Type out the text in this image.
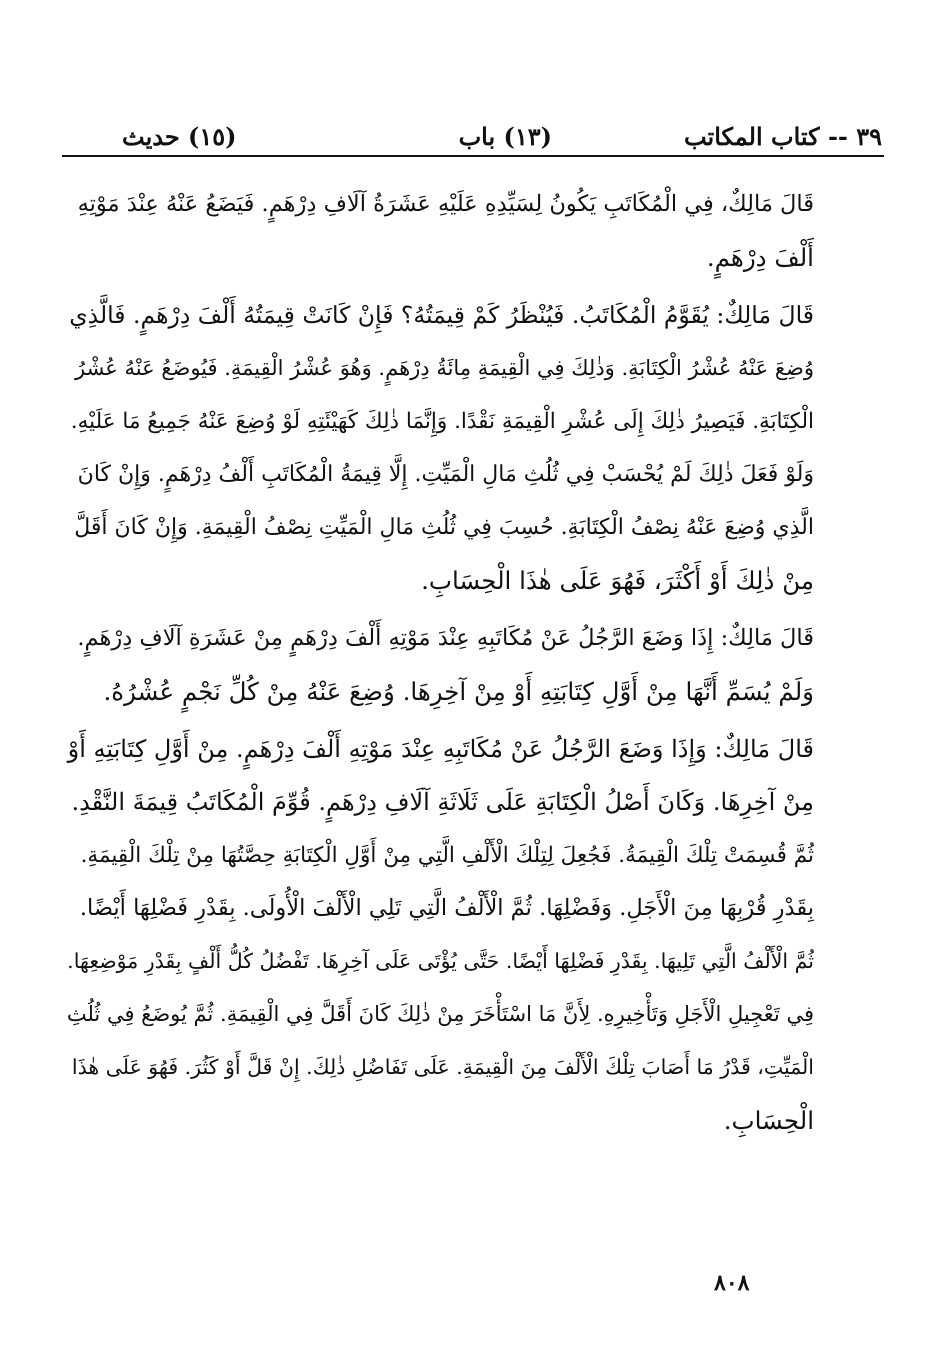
٣٩ -- كتاب المكاتب
(١٣) باب
(١٥) حديث
قَالَ مَالِكٌ، فِي الْمُكَاتَبِ يَكُونُ لِسَيِّدِهِ عَلَيْهِ عَشَرَةُ آلَافِ دِرْهَمٍ. فَيَضَعُ عَنْهُ عِنْدَ مَوْتِهِ
أَلْفَ دِرْهَمٍ.
قَالَ مَالِكٌ: يُقَوَّمُ الْمُكَاتَبُ. فَيُنْظَرُ كَمْ قِيمَتُهُ؟ فَإِنْ كَانَتْ قِيمَتُهُ أَلْفَ دِرْهَمٍ. فَالَّذِي
وُضِعَ عَنْهُ عُشْرُ الْكِتَابَةِ. وَذٰلِكَ فِي الْقِيمَةِ مِائَةُ دِرْهَمٍ. وَهُوَ عُشْرُ الْقِيمَةِ. فَيُوضَعُ عَنْهُ عُشْرُ
الْكِتَابَةِ. فَيَصِيرُ ذٰلِكَ إِلَى عُشْرِ الْقِيمَةِ نَقْدًا. وَإِنَّمَا ذٰلِكَ كَهَيْئَتِهِ لَوْ وُضِعَ عَنْهُ جَمِيعُ مَا عَلَيْهِ.
وَلَوْ فَعَلَ ذٰلِكَ لَمْ يُحْسَبْ فِي ثُلُثِ مَالِ الْمَيِّتِ. إِلَّا قِيمَةُ الْمُكَاتَبِ أَلْفُ دِرْهَمٍ. وَإِنْ كَانَ
الَّذِي وُضِعَ عَنْهُ نِصْفُ الْكِتَابَةِ. حُسِبَ فِي ثُلُثِ مَالِ الْمَيِّتِ نِصْفُ الْقِيمَةِ. وَإِنْ كَانَ أَقَلَّ
مِنْ ذٰلِكَ أَوْ أَكْثَرَ، فَهُوَ عَلَى هٰذَا الْحِسَابِ.
قَالَ مَالِكٌ: إِذَا وَضَعَ الرَّجُلُ عَنْ مُكَاتَبِهِ عِنْدَ مَوْتِهِ أَلْفَ دِرْهَمٍ مِنْ عَشَرَةِ آلَافِ دِرْهَمٍ.
وَلَمْ يُسَمِّ أَنَّهَا مِنْ أَوَّلِ كِتَابَتِهِ أَوْ مِنْ آخِرِهَا. وُضِعَ عَنْهُ مِنْ كُلِّ نَجْمٍ عُشْرُهُ.
قَالَ مَالِكٌ: وَإِذَا وَضَعَ الرَّجُلُ عَنْ مُكَاتَبِهِ عِنْدَ مَوْتِهِ أَلْفَ دِرْهَمٍ. مِنْ أَوَّلِ كِتَابَتِهِ أَوْ
مِنْ آخِرِهَا. وَكَانَ أَصْلُ الْكِتَابَةِ عَلَى ثَلَاثَةِ آلَافِ دِرْهَمٍ. قُوِّمَ الْمُكَاتَبُ قِيمَةَ النَّقْدِ.
ثُمَّ قُسِمَتْ تِلْكَ الْقِيمَةُ. فَجُعِلَ لِتِلْكَ الْأَلْفِ الَّتِي مِنْ أَوَّلِ الْكِتَابَةِ حِصَّتُهَا مِنْ تِلْكَ الْقِيمَةِ.
بِقَدْرِ قُرْبِهَا مِنَ الْأَجَلِ. وَفَضْلِهَا. ثُمَّ الْأَلْفُ الَّتِي تَلِي الْأَلْفَ الْأُولَى. بِقَدْرِ فَضْلِهَا أَيْضًا.
ثُمَّ الْأَلْفُ الَّتِي تَلِيهَا. بِقَدْرِ فَضْلِهَا أَيْضًا. حَتَّى يُؤْتَى عَلَى آخِرِهَا. تَفْضُلُ كُلُّ أَلْفٍ بِقَدْرِ مَوْضِعِهَا.
فِي تَعْجِيلِ الْأَجَلِ وَتَأْخِيرِهِ. لِأَنَّ مَا اسْتَأْخَرَ مِنْ ذٰلِكَ كَانَ أَقَلَّ فِي الْقِيمَةِ. ثُمَّ يُوضَعُ فِي ثُلُثِ
الْمَيِّتِ، قَدْرُ مَا أَصَابَ تِلْكَ الْأَلْفَ مِنَ الْقِيمَةِ. عَلَى تَفَاضُلِ ذٰلِكَ. إِنْ قَلَّ أَوْ كَثُرَ. فَهُوَ عَلَى هٰذَا
الْحِسَابِ.
٨٠٨
